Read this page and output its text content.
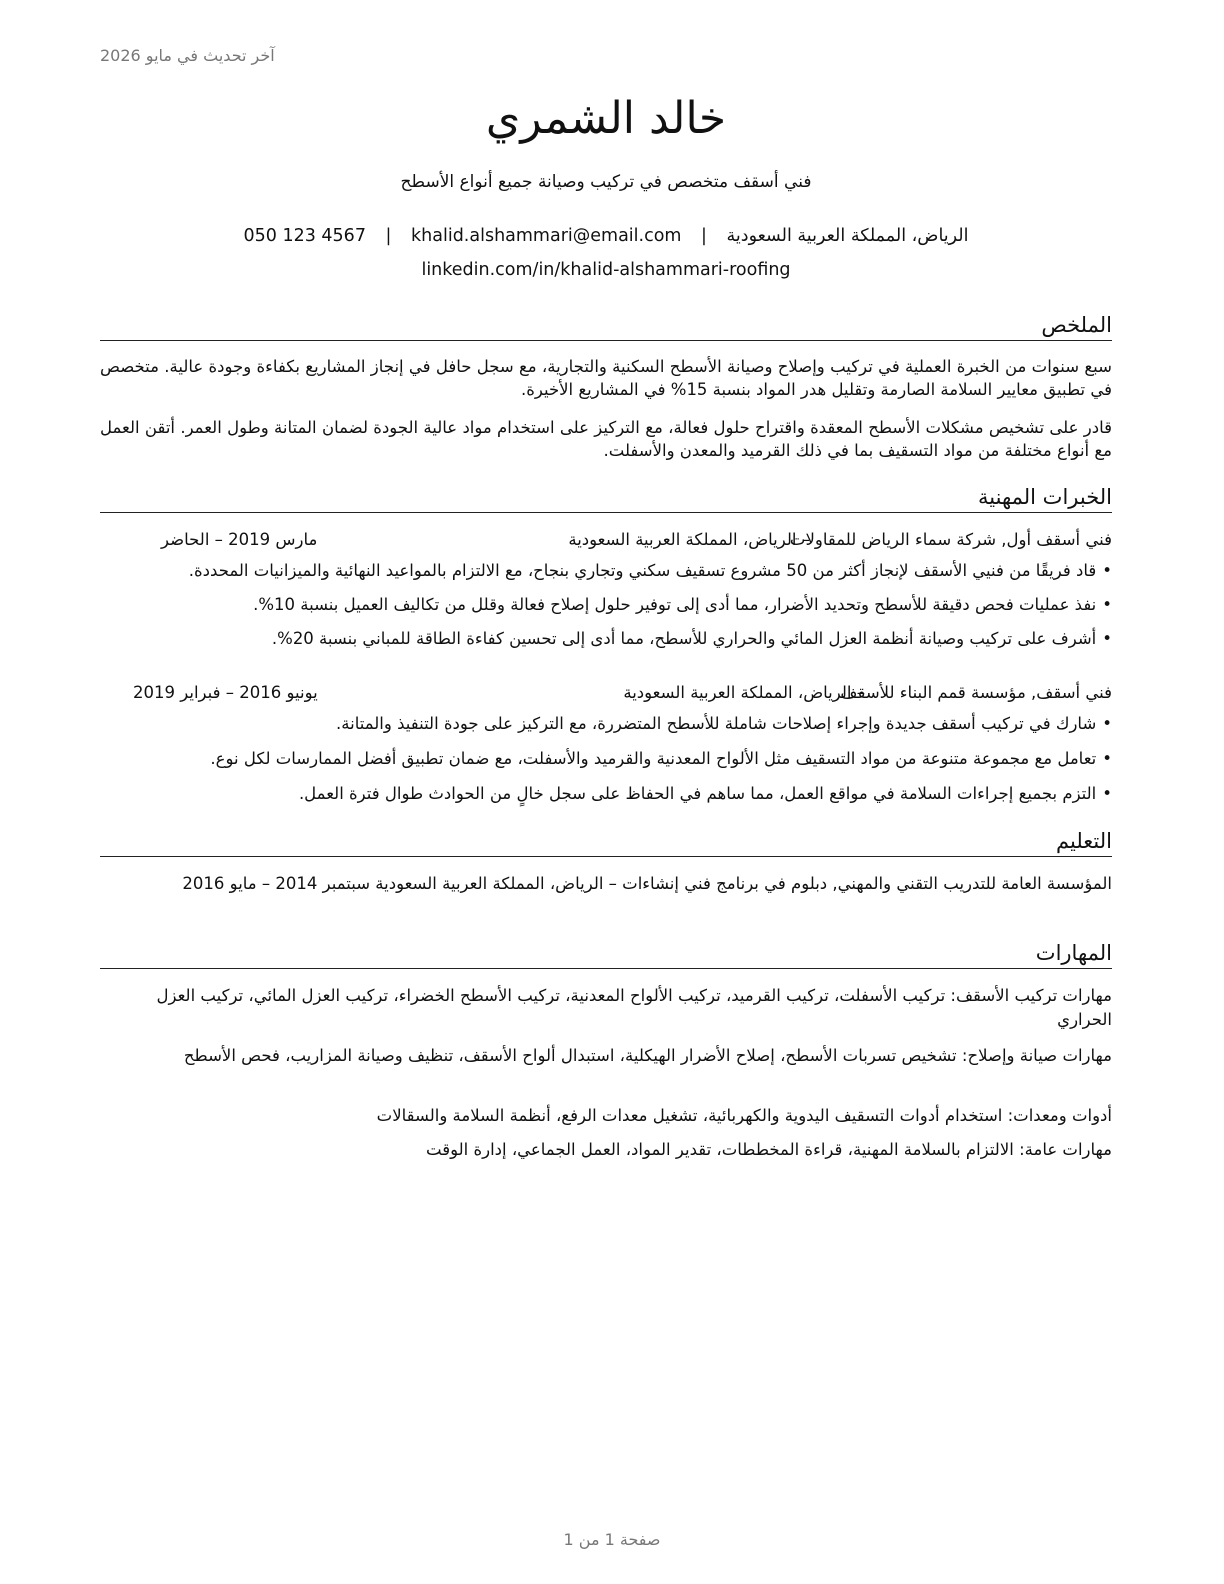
آخر تحديث في مايو 2026
خالد الشمري
فني أسقف متخصص في تركيب وصيانة جميع أنواع الأسطح
الرياض، المملكة العربية السعودية | khalid.alshammari@email.com | 050 123 4567
linkedin.com/in/khalid-alshammari-roofing
الملخص
سبع سنوات من الخبرة العملية في تركيب وإصلاح وصيانة الأسطح السكنية والتجارية، مع سجل حافل في إنجاز المشاريع بكفاءة وجودة عالية. متخصص في تطبيق معايير السلامة الصارمة وتقليل هدر المواد بنسبة 15% في المشاريع الأخيرة.
قادر على تشخيص مشكلات الأسطح المعقدة واقتراح حلول فعالة، مع التركيز على استخدام مواد عالية الجودة لضمان المتانة وطول العمر. أتقن العمل مع أنواع مختلفة من مواد التسقيف بما في ذلك القرميد والمعدن والأسفلت.
الخبرات المهنية
فني أسقف أول, شركة سماء الرياض للمقاولات
– الرياض، المملكة العربية السعودية
مارس 2019 – الحاضر
•قاد فريقًا من فنيي الأسقف لإنجاز أكثر من 50 مشروع تسقيف سكني وتجاري بنجاح، مع الالتزام بالمواعيد النهائية والميزانيات المحددة.
•نفذ عمليات فحص دقيقة للأسطح وتحديد الأضرار، مما أدى إلى توفير حلول إصلاح فعالة وقلل من تكاليف العميل بنسبة 10%.
•أشرف على تركيب وصيانة أنظمة العزل المائي والحراري للأسطح، مما أدى إلى تحسين كفاءة الطاقة للمباني بنسبة 20%.
فني أسقف, مؤسسة قمم البناء للأسقف
– الرياض، المملكة العربية السعودية
يونيو 2016 – فبراير 2019
•شارك في تركيب أسقف جديدة وإجراء إصلاحات شاملة للأسطح المتضررة، مع التركيز على جودة التنفيذ والمتانة.
•تعامل مع مجموعة متنوعة من مواد التسقيف مثل الألواح المعدنية والقرميد والأسفلت، مع ضمان تطبيق أفضل الممارسات لكل نوع.
•التزم بجميع إجراءات السلامة في مواقع العمل، مما ساهم في الحفاظ على سجل خالٍ من الحوادث طوال فترة العمل.
التعليم
المؤسسة العامة للتدريب التقني والمهني, دبلوم في برنامج فني إنشاءات – الرياض، المملكة العربية السعودية سبتمبر 2014 – مايو 2016
المهارات
مهارات تركيب الأسقف: تركيب الأسفلت، تركيب القرميد، تركيب الألواح المعدنية، تركيب الأسطح الخضراء، تركيب العزل المائي، تركيب العزل الحراري
مهارات صيانة وإصلاح: تشخيص تسربات الأسطح، إصلاح الأضرار الهيكلية، استبدال ألواح الأسقف، تنظيف وصيانة المزاريب، فحص الأسطح
أدوات ومعدات: استخدام أدوات التسقيف اليدوية والكهربائية، تشغيل معدات الرفع، أنظمة السلامة والسقالات
مهارات عامة: الالتزام بالسلامة المهنية، قراءة المخططات، تقدير المواد، العمل الجماعي، إدارة الوقت
صفحة 1 من 1
